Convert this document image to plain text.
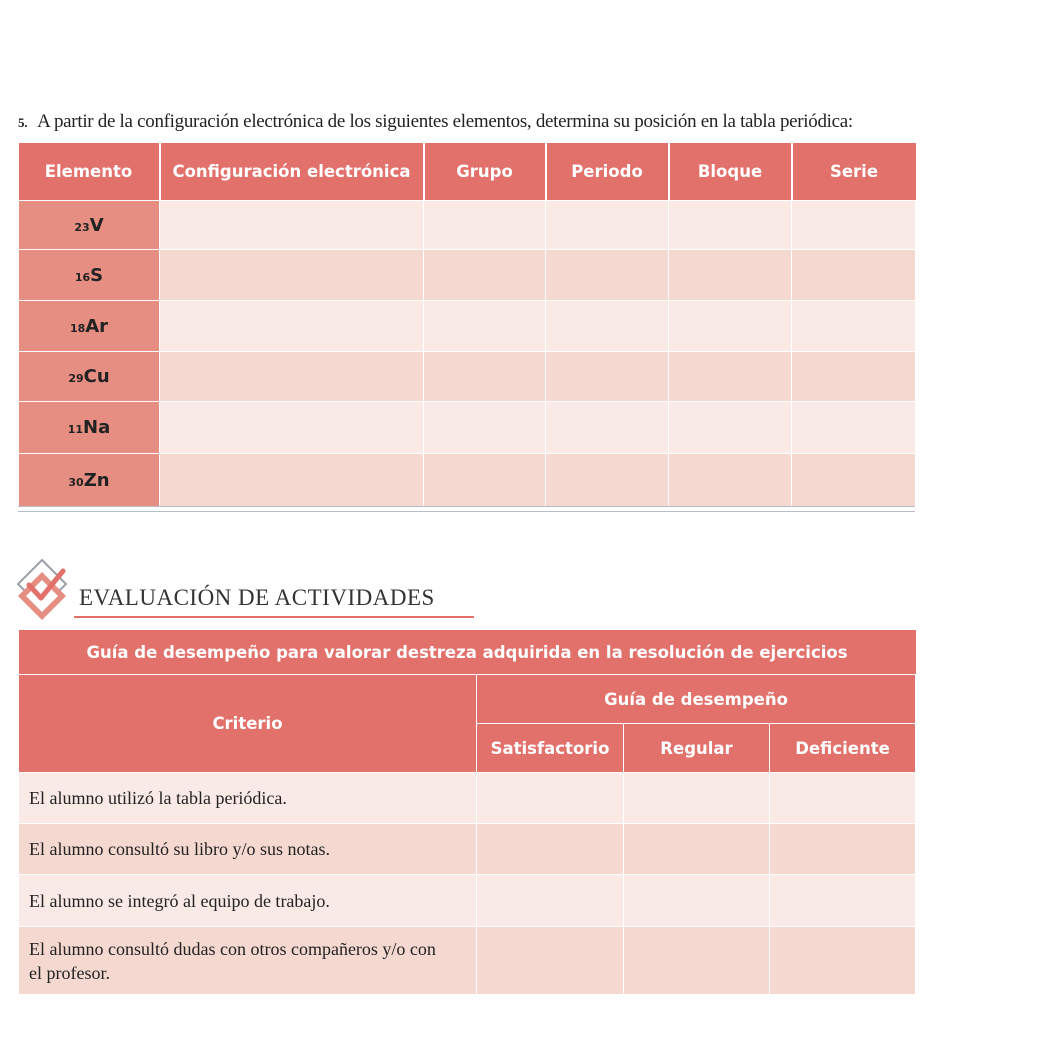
5. A partir de la configuración electrónica de los siguientes elementos, determina su posición en la tabla periódica:
Elemento	Configuración electrónica	Grupo	Periodo	Bloque	Serie
23V					
16S					
18Ar					
29Cu					
11Na					
30Zn					
EVALUACIÓN DE ACTIVIDADES
Guía de desempeño para valorar destreza adquirida en la resolución de ejercicios			
Criterio	Guía de desempeño		
	Satisfactorio	Regular	Deficiente
El alumno utilizó la tabla periódica.			
El alumno consultó su libro y/o sus notas.			
El alumno se integró al equipo de trabajo.			
El alumno consultó dudas con otros compañeros y/o con el profesor.			
